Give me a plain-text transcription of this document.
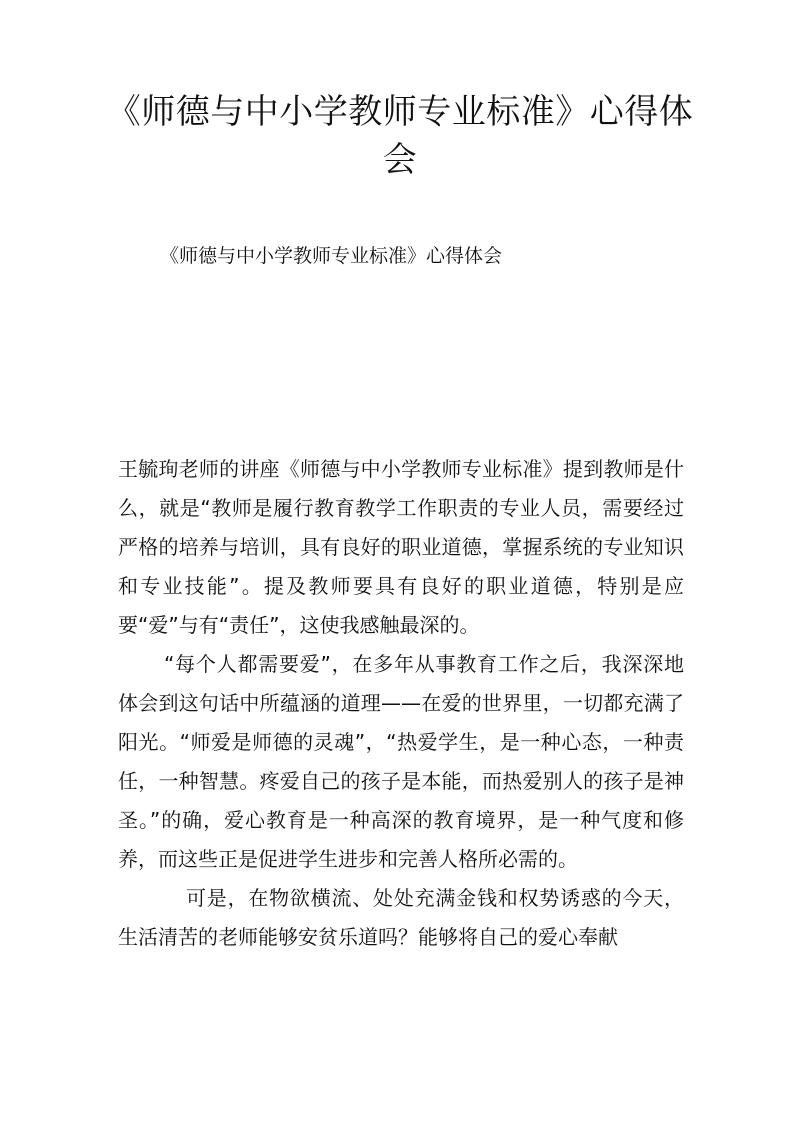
《师德与中小学教师专业标准》心得体会

《师德与中小学教师专业标准》心得体会

王毓珣老师的讲座《师德与中小学教师专业标准》提到教师是什么，就是“教师是履行教育教学工作职责的专业人员，需要经过严格的培养与培训，具有良好的职业道德，掌握系统的专业知识和专业技能”。提及教师要具有良好的职业道德，特别是应要“爱”与有“责任”，这使我感触最深的。

“每个人都需要爱”，在多年从事教育工作之后，我深深地体会到这句话中所蕴涵的道理——在爱的世界里，一切都充满了阳光。“师爱是师德的灵魂”，“热爱学生，是一种心态，一种责任，一种智慧。疼爱自己的孩子是本能，而热爱别人的孩子是神圣。”的确，爱心教育是一种高深的教育境界，是一种气度和修养，而这些正是促进学生进步和完善人格所必需的。

可是，在物欲横流、处处充满金钱和权势诱惑的今天，生活清苦的老师能够安贫乐道吗？能够将自己的爱心奉献
